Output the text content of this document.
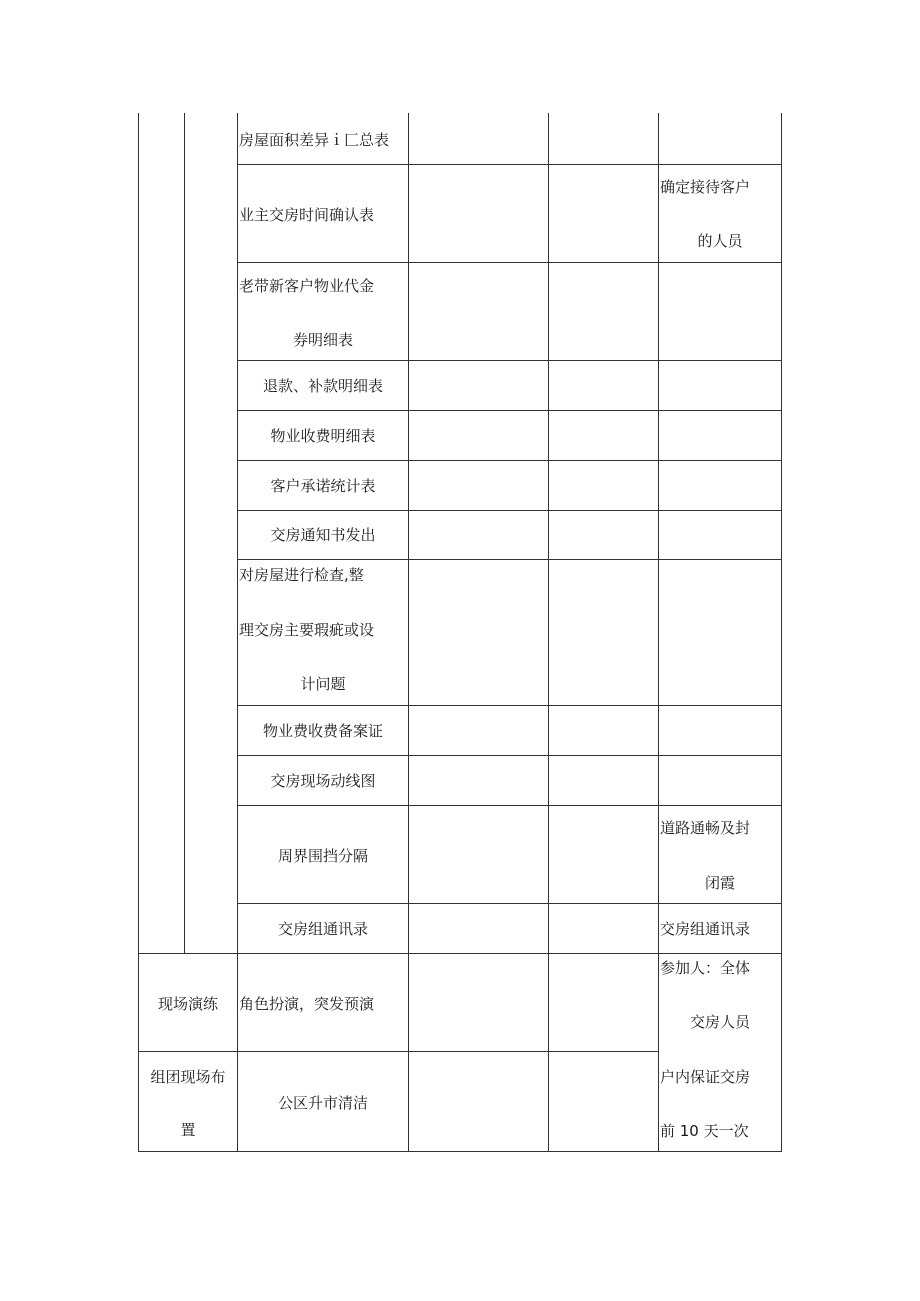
房屋面积差异ｉ匚总表
业主交房时间确认表
确定接待客户
的人员
老带新客户物业代金
券明细表
退款、补款明细表
物业收费明细表
客户承诺统计表
交房通知书发出
对房屋进行检查,整
理交房主要瑕疵或设
计问题
物业费收费备案证
交房现场动线图
周界围挡分隔
道路通畅及封
闭霞
交房组通讯录	交房组通讯录
现场演练	角色扮演，突发预演
参加人：全体
交房人员
组团现场布
置
公区升市清洁
户内保证交房
前 10 天一次
